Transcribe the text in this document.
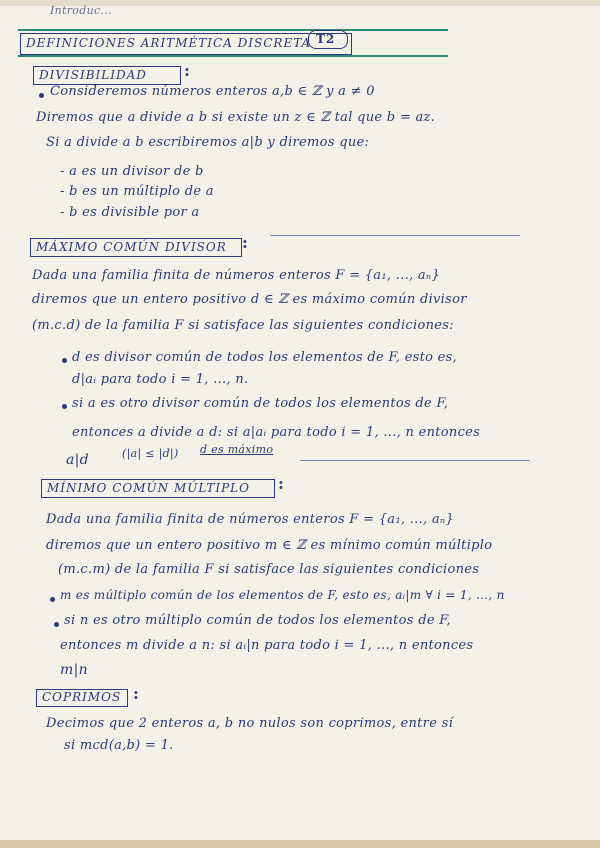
Introduc...
DEFINICIONES ARITMÉTICA DISCRETA T2
DIVISIBILIDAD :
Consideremos números enteros a,b ∈ ℤ y a ≠ 0
Diremos que a divide a b si existe un z ∈ ℤ tal que b = az.
Si a divide a b escribiremos a|b y diremos que:
- a es un divisor de b
- b es un múltiplo de a
- b es divisible por a
MÁXIMO COMÚN DIVISOR :
Dada una familia finita de números enteros F = {a₁, ..., aₙ}
diremos que un entero positivo d ∈ ℤ es máximo común divisor
(m.c.d) de la familia F si satisface las siguientes condiciones:
d es divisor común de todos los elementos de F, esto es,
d|aᵢ para todo i = 1, ..., n.
si a es otro divisor común de todos los elementos de F,
entonces a divide a d: si a|aᵢ para todo i = 1, ..., n entonces
a|d	(|a| ≤ |d|) d es máximo
MÍNIMO COMÚN MÚLTIPLO :
Dada una familia finita de números enteros F = {a₁, ..., aₙ}
diremos que un entero positivo m ∈ ℤ es mínimo común múltiplo
(m.c.m) de la familia F si satisface las siguientes condiciones
m es múltiplo común de los elementos de F, esto es, aᵢ|m ∀ i = 1, ..., n
si n es otro múltiplo común de todos los elementos de F,
entonces m divide a n: si aᵢ|n para todo i = 1, ..., n entonces
m|n
COPRIMOS :
Decimos que 2 enteros a, b no nulos son coprimos, entre sí
si mcd(a,b) = 1.
